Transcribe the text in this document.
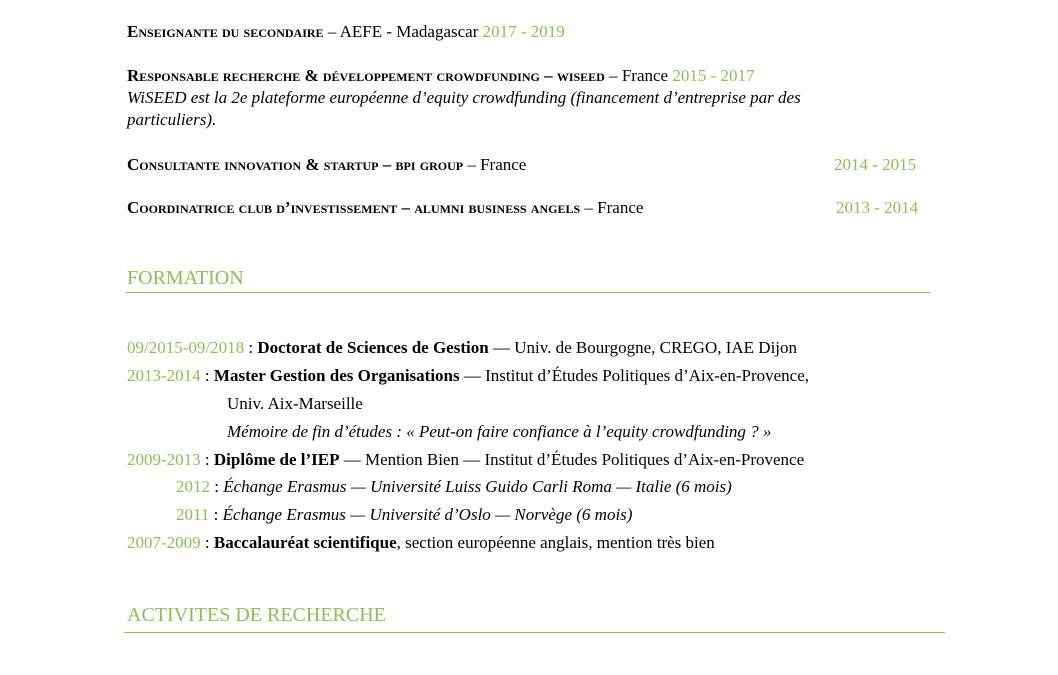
Enseignante du secondaire – AEFE - Madagascar 2017 - 2019
Responsable recherche & développement crowdfunding – wiseed – France 2015 - 2017
WiSEED est la 2e plateforme européenne d’equity crowdfunding (financement d’entreprise par des
particuliers).
Consultante innovation & startup – bpi group – France	2014 - 2015
Coordinatrice club d’investissement – alumni business angels – France	2013 - 2014
FORMATION
09/2015-09/2018 : Doctorat de Sciences de Gestion — Univ. de Bourgogne, CREGO, IAE Dijon
2013-2014 : Master Gestion des Organisations — Institut d’Études Politiques d’Aix-en-Provence,
Univ. Aix-Marseille
Mémoire de fin d’études : « Peut-on faire confiance à l’equity crowdfunding ? »
2009-2013 : Diplôme de l’IEP — Mention Bien — Institut d’Études Politiques d’Aix-en-Provence
2012 : Échange Erasmus — Université Luiss Guido Carli Roma — Italie (6 mois)
2011 : Échange Erasmus — Université d’Oslo — Norvège (6 mois)
2007-2009 : Baccalauréat scientifique, section européenne anglais, mention très bien
ACTIVITES DE RECHERCHE
